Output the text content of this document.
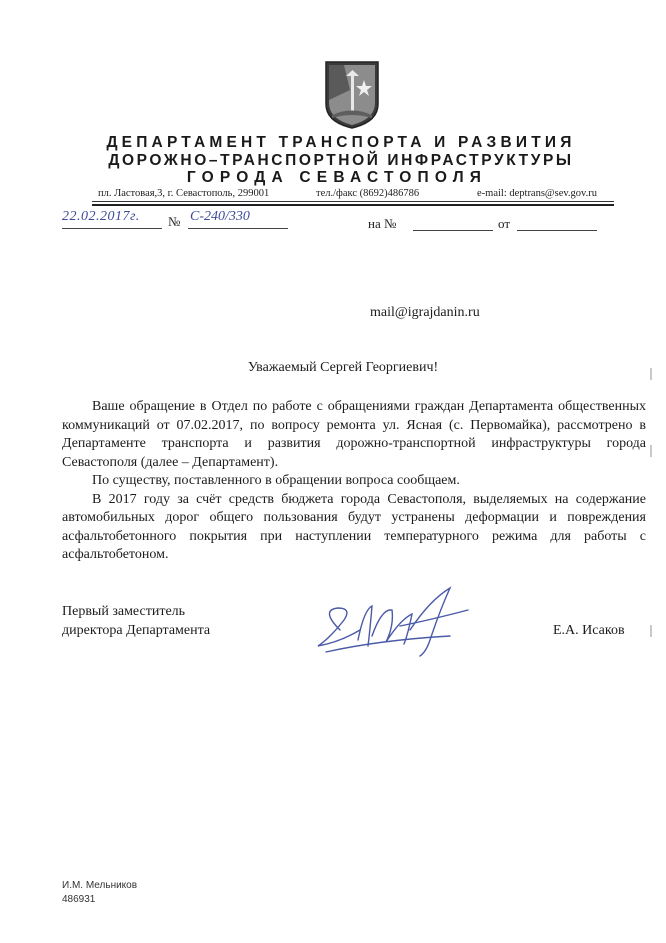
ДЕПАРТАМЕНТ ТРАНСПОРТА И РАЗВИТИЯ
ДОРОЖНО–ТРАНСПОРТНОЙ ИНФРАСТРУКТУРЫ
ГОРОДА СЕВАСТОПОЛЯ
пл. Ластовая,3, г. Севастополь, 299001	тел./факс (8692)486786	e-mail: deptrans@sev.gov.ru
22.02.2017г. № С-240/330	на №	от
mail@igrajdanin.ru
Уважаемый Сергей Георгиевич!

Ваше обращение в Отдел по работе с обращениями граждан Департамента общественных коммуникаций от 07.02.2017, по вопросу ремонта ул. Ясная (с. Первомайка), рассмотрено в Департаменте транспорта и развития дорожно-транспортной инфраструктуры города Севастополя (далее – Департамент).

По существу, поставленного в обращении вопроса сообщаем.

В 2017 году за счёт средств бюджета города Севастополя, выделяемых на содержание автомобильных дорог общего пользования будут устранены деформации и повреждения асфальтобетонного покрытия при наступлении температурного режима для работы с асфальтобетоном.

Первый заместитель
директора Департамента	Е.А. Исаков
И.М. Мельников
486931
